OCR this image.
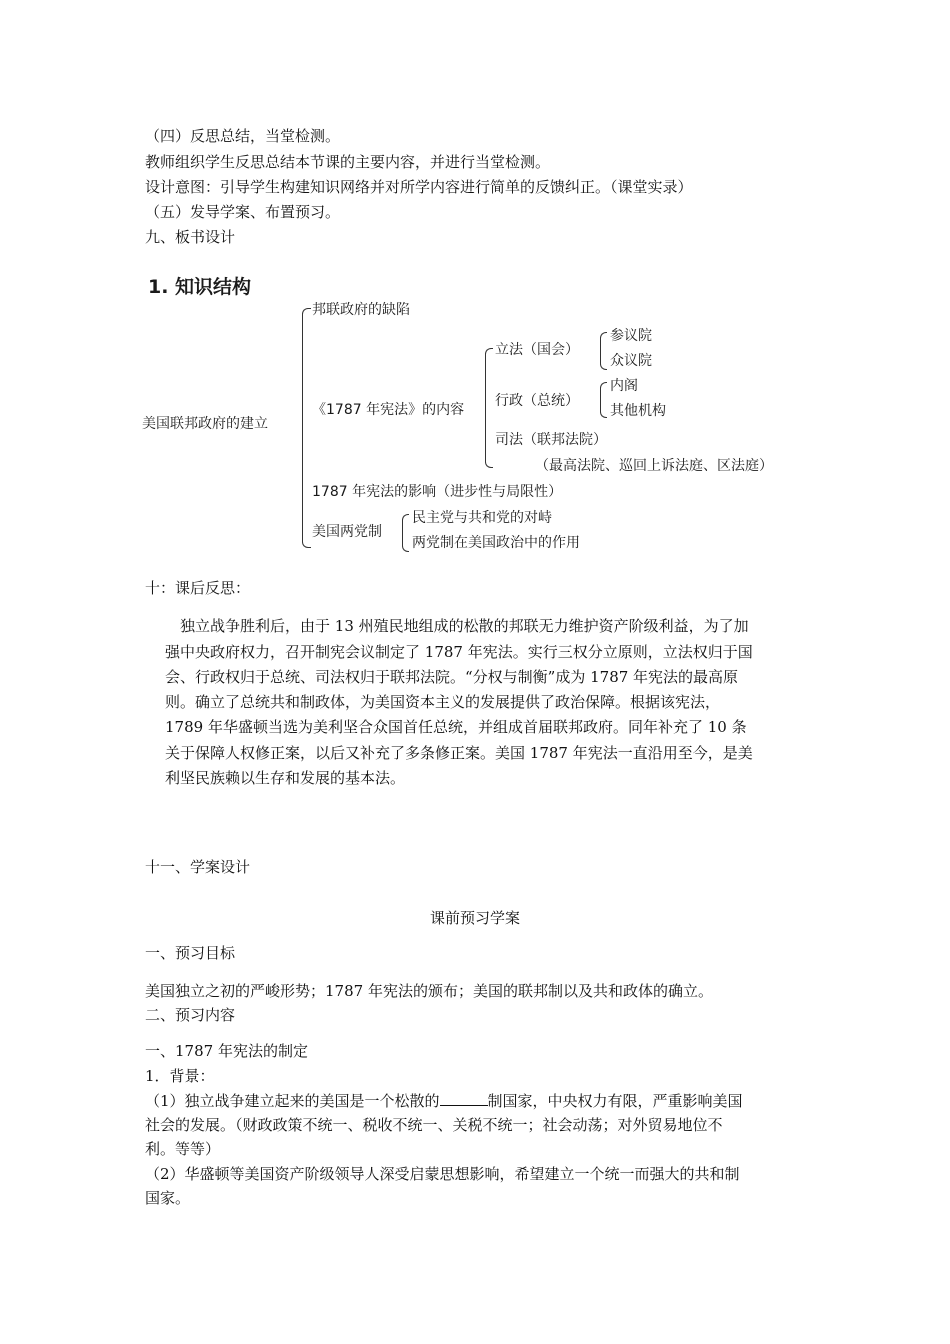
（四）反思总结，当堂检测。
教师组织学生反思总结本节课的主要内容，并进行当堂检测。
设计意图：引导学生构建知识网络并对所学内容进行简单的反馈纠正。（课堂实录）
（五）发导学案、布置预习。
九、板书设计
1. 知识结构
美国联邦政府的建立
邦联政府的缺陷
《1787 年宪法》的内容
1787 年宪法的影响（进步性与局限性）
美国两党制
立法（国会）
行政（总统）
司法（联邦法院）
（最高法院、巡回上诉法庭、区法庭）
参议院
众议院
内阁
其他机构
民主党与共和党的对峙
两党制在美国政治中的作用
十：课后反思：
独立战争胜利后，由于 13 州殖民地组成的松散的邦联无力维护资产阶级利益，为了加
强中央政府权力，召开制宪会议制定了 1787 年宪法。实行三权分立原则，立法权归于国
会、行政权归于总统、司法权归于联邦法院。“分权与制衡”成为 1787 年宪法的最高原
则。确立了总统共和制政体，为美国资本主义的发展提供了政治保障。根据该宪法，
1789 年华盛顿当选为美利坚合众国首任总统，并组成首届联邦政府。同年补充了 10 条
关于保障人权修正案，以后又补充了多条修正案。美国 1787 年宪法一直沿用至今，是美
利坚民族赖以生存和发展的基本法。
十一、学案设计
课前预习学案
一、预习目标
美国独立之初的严峻形势；1787 年宪法的颁布；美国的联邦制以及共和政体的确立。
二、预习内容
一、1787 年宪法的制定
1．背景：
（1）独立战争建立起来的美国是一个松散的	制国家，中央权力有限，严重影响美国
社会的发展。（财政政策不统一、税收不统一、关税不统一；社会动荡；对外贸易地位不
利。等等）
（2）华盛顿等美国资产阶级领导人深受启蒙思想影响，希望建立一个统一而强大的共和制
国家。
